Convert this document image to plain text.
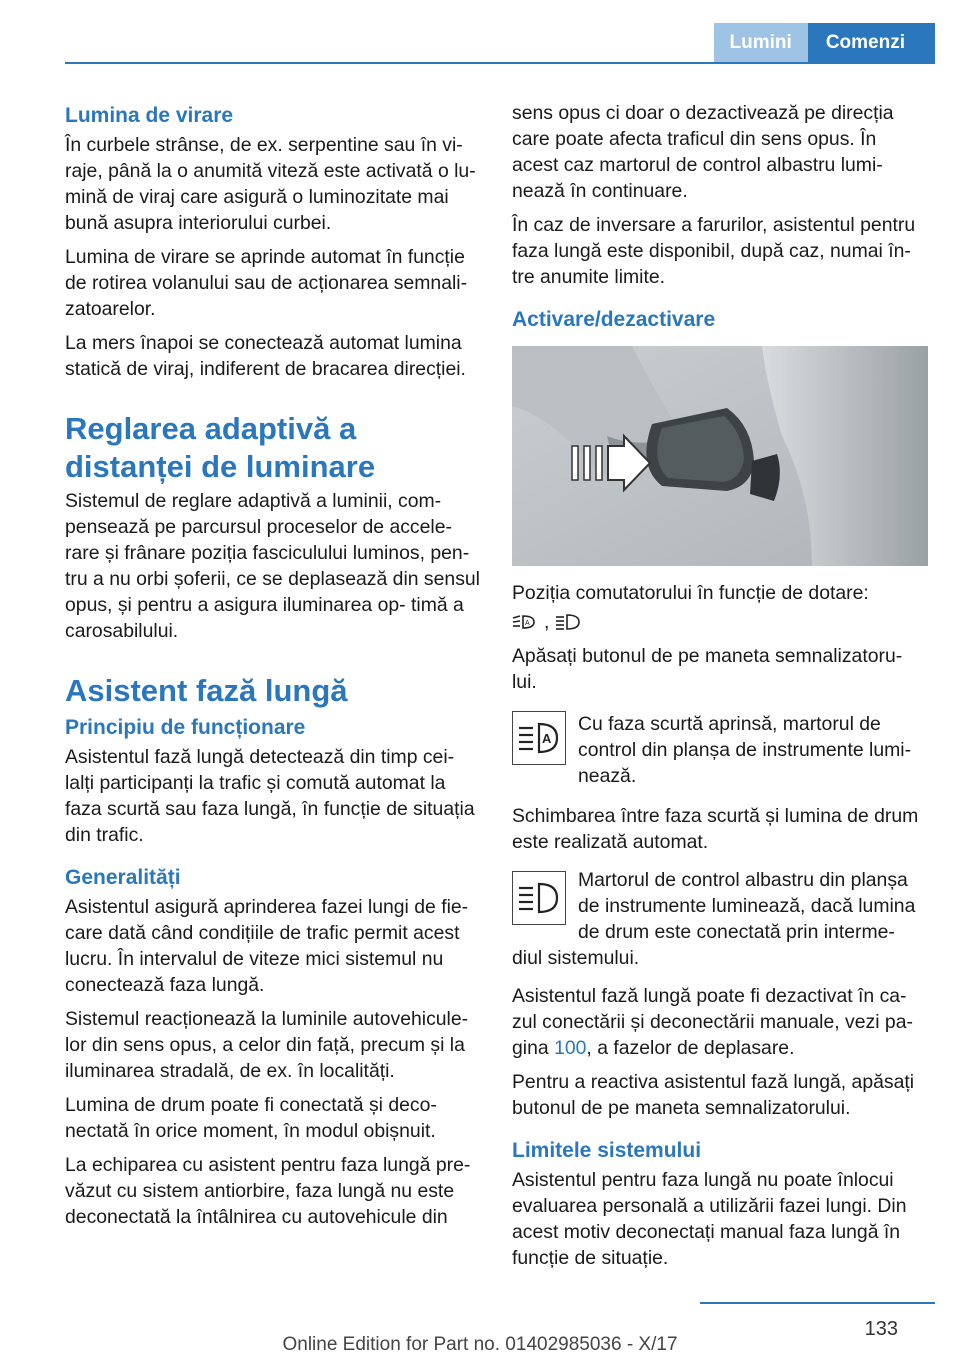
Lumini	Comenzi
Lumina de virare

În curbele strânse, de ex. serpentine sau în vi‐ raje, până la o anumită viteză este activată o lu‐ mină de viraj care asigură o luminozitate mai bună asupra interiorului curbei.

Lumina de virare se aprinde automat în funcție de rotirea volanului sau de acționarea semnali‐ zatoarelor.

La mers înapoi se conectează automat lumina statică de viraj, indiferent de bracarea direcției.

Reglarea adaptivă a distanței de luminare

Sistemul de reglare adaptivă a luminii, com‐ pensează pe parcursul proceselor de accele‐ rare și frânare poziția fasciculului luminos, pen‐ tru a nu orbi șoferii, ce se deplasează din sensul opus, și pentru a asigura iluminarea op‐ timă a carosabilului.

Asistent fază lungă
Principiu de funcționare

Asistentul fază lungă detectează din timp cei‐ lalți participanți la trafic și comută automat la faza scurtă sau faza lungă, în funcție de situația din trafic.

Generalități

Asistentul asigură aprinderea fazei lungi de fie‐ care dată când condițiile de trafic permit acest lucru. În intervalul de viteze mici sistemul nu conectează faza lungă.

Sistemul reacționează la luminile autovehicule‐ lor din sens opus, a celor din față, precum și la iluminarea stradală, de ex. în localități.

Lumina de drum poate fi conectată și deco‐ nectată în orice moment, în modul obișnuit.

La echiparea cu asistent pentru faza lungă pre‐ văzut cu sistem antiorbire, faza lungă nu este deconectată la întâlnirea cu autovehicule din

sens opus ci doar o dezactivează pe direcția care poate afecta traficul din sens opus. În acest caz martorul de control albastru lumi‐ nează în continuare.

În caz de inversare a farurilor, asistentul pentru faza lungă este disponibil, după caz, numai în‐ tre anumite limite.

Activare/dezactivare

Poziția comutatorului în funcție de dotare:

A ,

Apăsați butonul de pe maneta semnalizatoru‐ lui.

A

Cu faza scurtă aprinsă, martorul de control din planșa de instrumente lumi‐ nează.

Schimbarea între faza scurtă și lumina de drum este realizată automat.

Martorul de control albastru din planșa de instrumente luminează, dacă lumina de drum este conectată prin interme‐

diul sistemului.

Asistentul fază lungă poate fi dezactivat în ca‐ zul conectării și deconectării manuale, vezi pa‐ gina 100, a fazelor de deplasare.

Pentru a reactiva asistentul fază lungă, apăsați butonul de pe maneta semnalizatorului.

Limitele sistemului

Asistentul pentru faza lungă nu poate înlocui evaluarea personală a utilizării fazei lungi. Din acest motiv deconectați manual faza lungă în funcție de situație.

133
Online Edition for Part no. 01402985036 - X/17
